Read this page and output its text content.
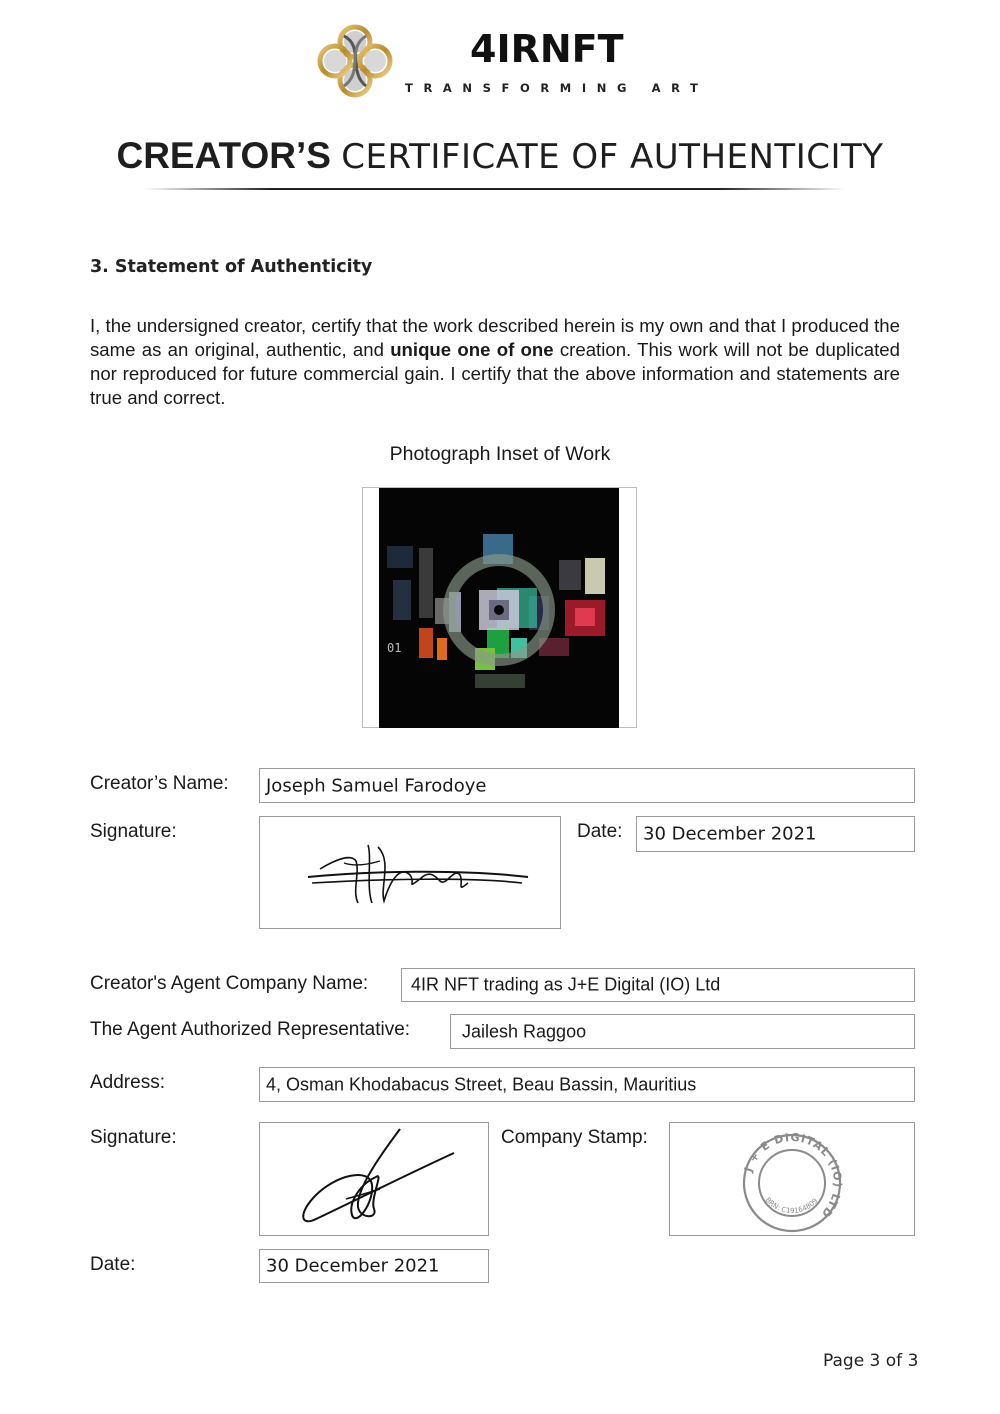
4IRNFT
TRANSFORMING ART
CREATOR’S CERTIFICATE OF AUTHENTICITY
3. Statement of Authenticity
I, the undersigned creator, certify that the work described herein is my own and that I produced the same as an original, authentic, and unique one of one creation. This work will not be duplicated nor reproduced for future commercial gain. I certify that the above information and statements are true and correct.
Photograph Inset of Work
01
Creator’s Name: Joseph Samuel Farodoye
Signature:	Date: 30 December 2021
Creator's Agent Company Name: 4IR NFT trading as J+E Digital (IO) Ltd
The Agent Authorized Representative:	Jailesh Raggoo
Address:	4, Osman Khodabacus Street, Beau Bassin, Mauritius
Signature:	Company Stamp:
J + E DIGITAL (IO) LTD
BRN: C19164809
Date:	30 December 2021
Page 3 of 3
